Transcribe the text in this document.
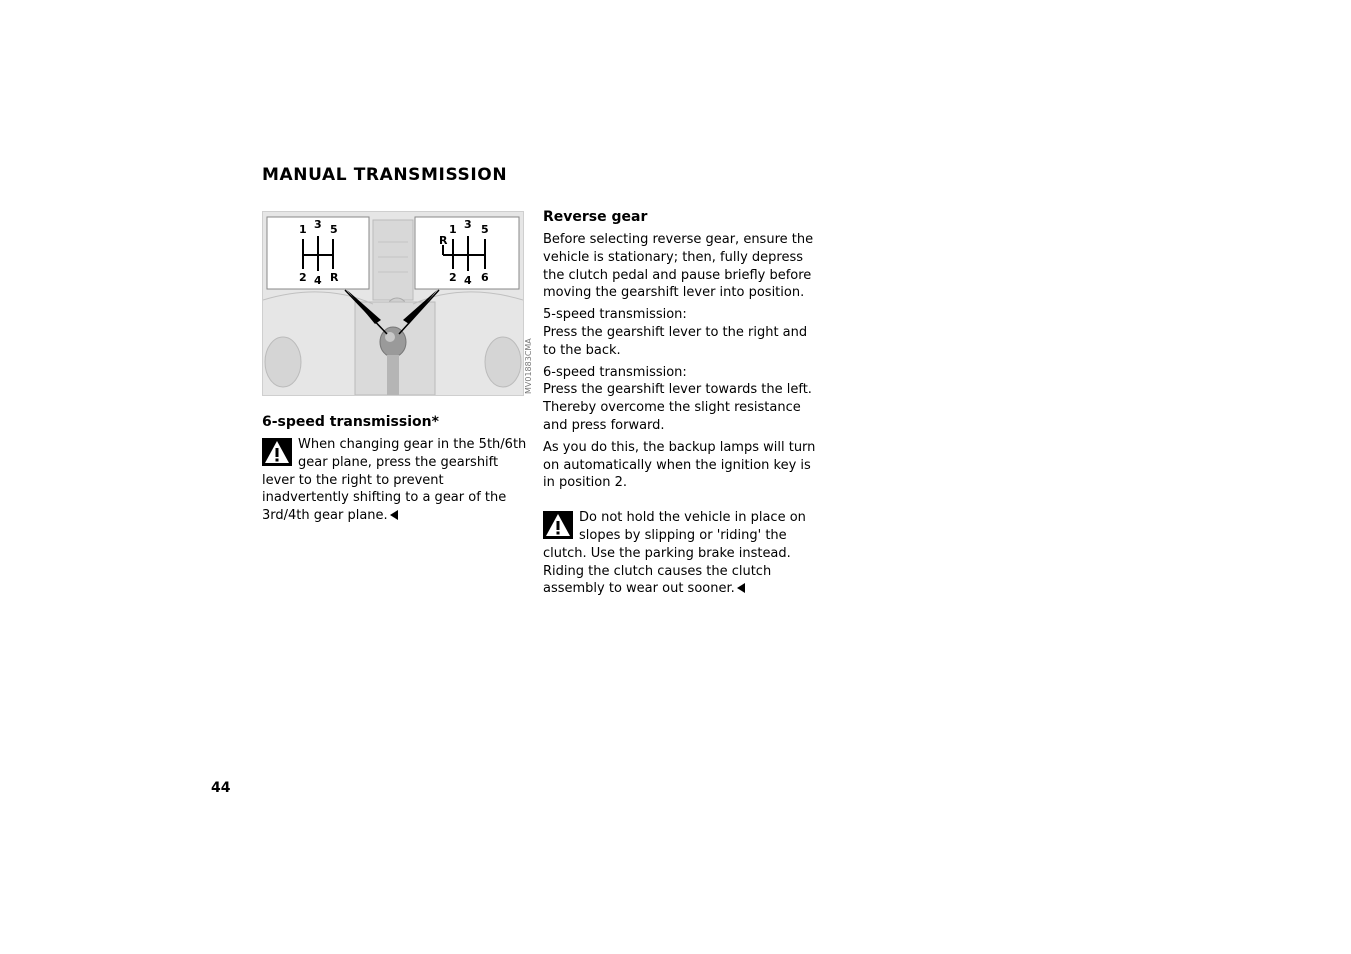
MANUAL TRANSMISSION
1 3 5
2 4 R
R
1 3 5
2 4 6
MV01883CMA
6-speed transmission*

When changing gear in the 5th/6th gear plane, press the gearshift lever to the right to prevent inadvertently shifting to a gear of the 3rd/4th gear plane.

Reverse gear

Before selecting reverse gear, ensure the vehicle is stationary; then, fully depress the clutch pedal and pause briefly before moving the gearshift lever into position.

5-speed transmission:

Press the gearshift lever to the right and to the back.

6-speed transmission:

Press the gearshift lever towards the left. Thereby overcome the slight resistance and press forward.

As you do this, the backup lamps will turn on automatically when the ignition key is in position 2.

Do not hold the vehicle in place on slopes by slipping or 'riding' the clutch. Use the parking brake instead. Riding the clutch causes the clutch assembly to wear out sooner.

44
